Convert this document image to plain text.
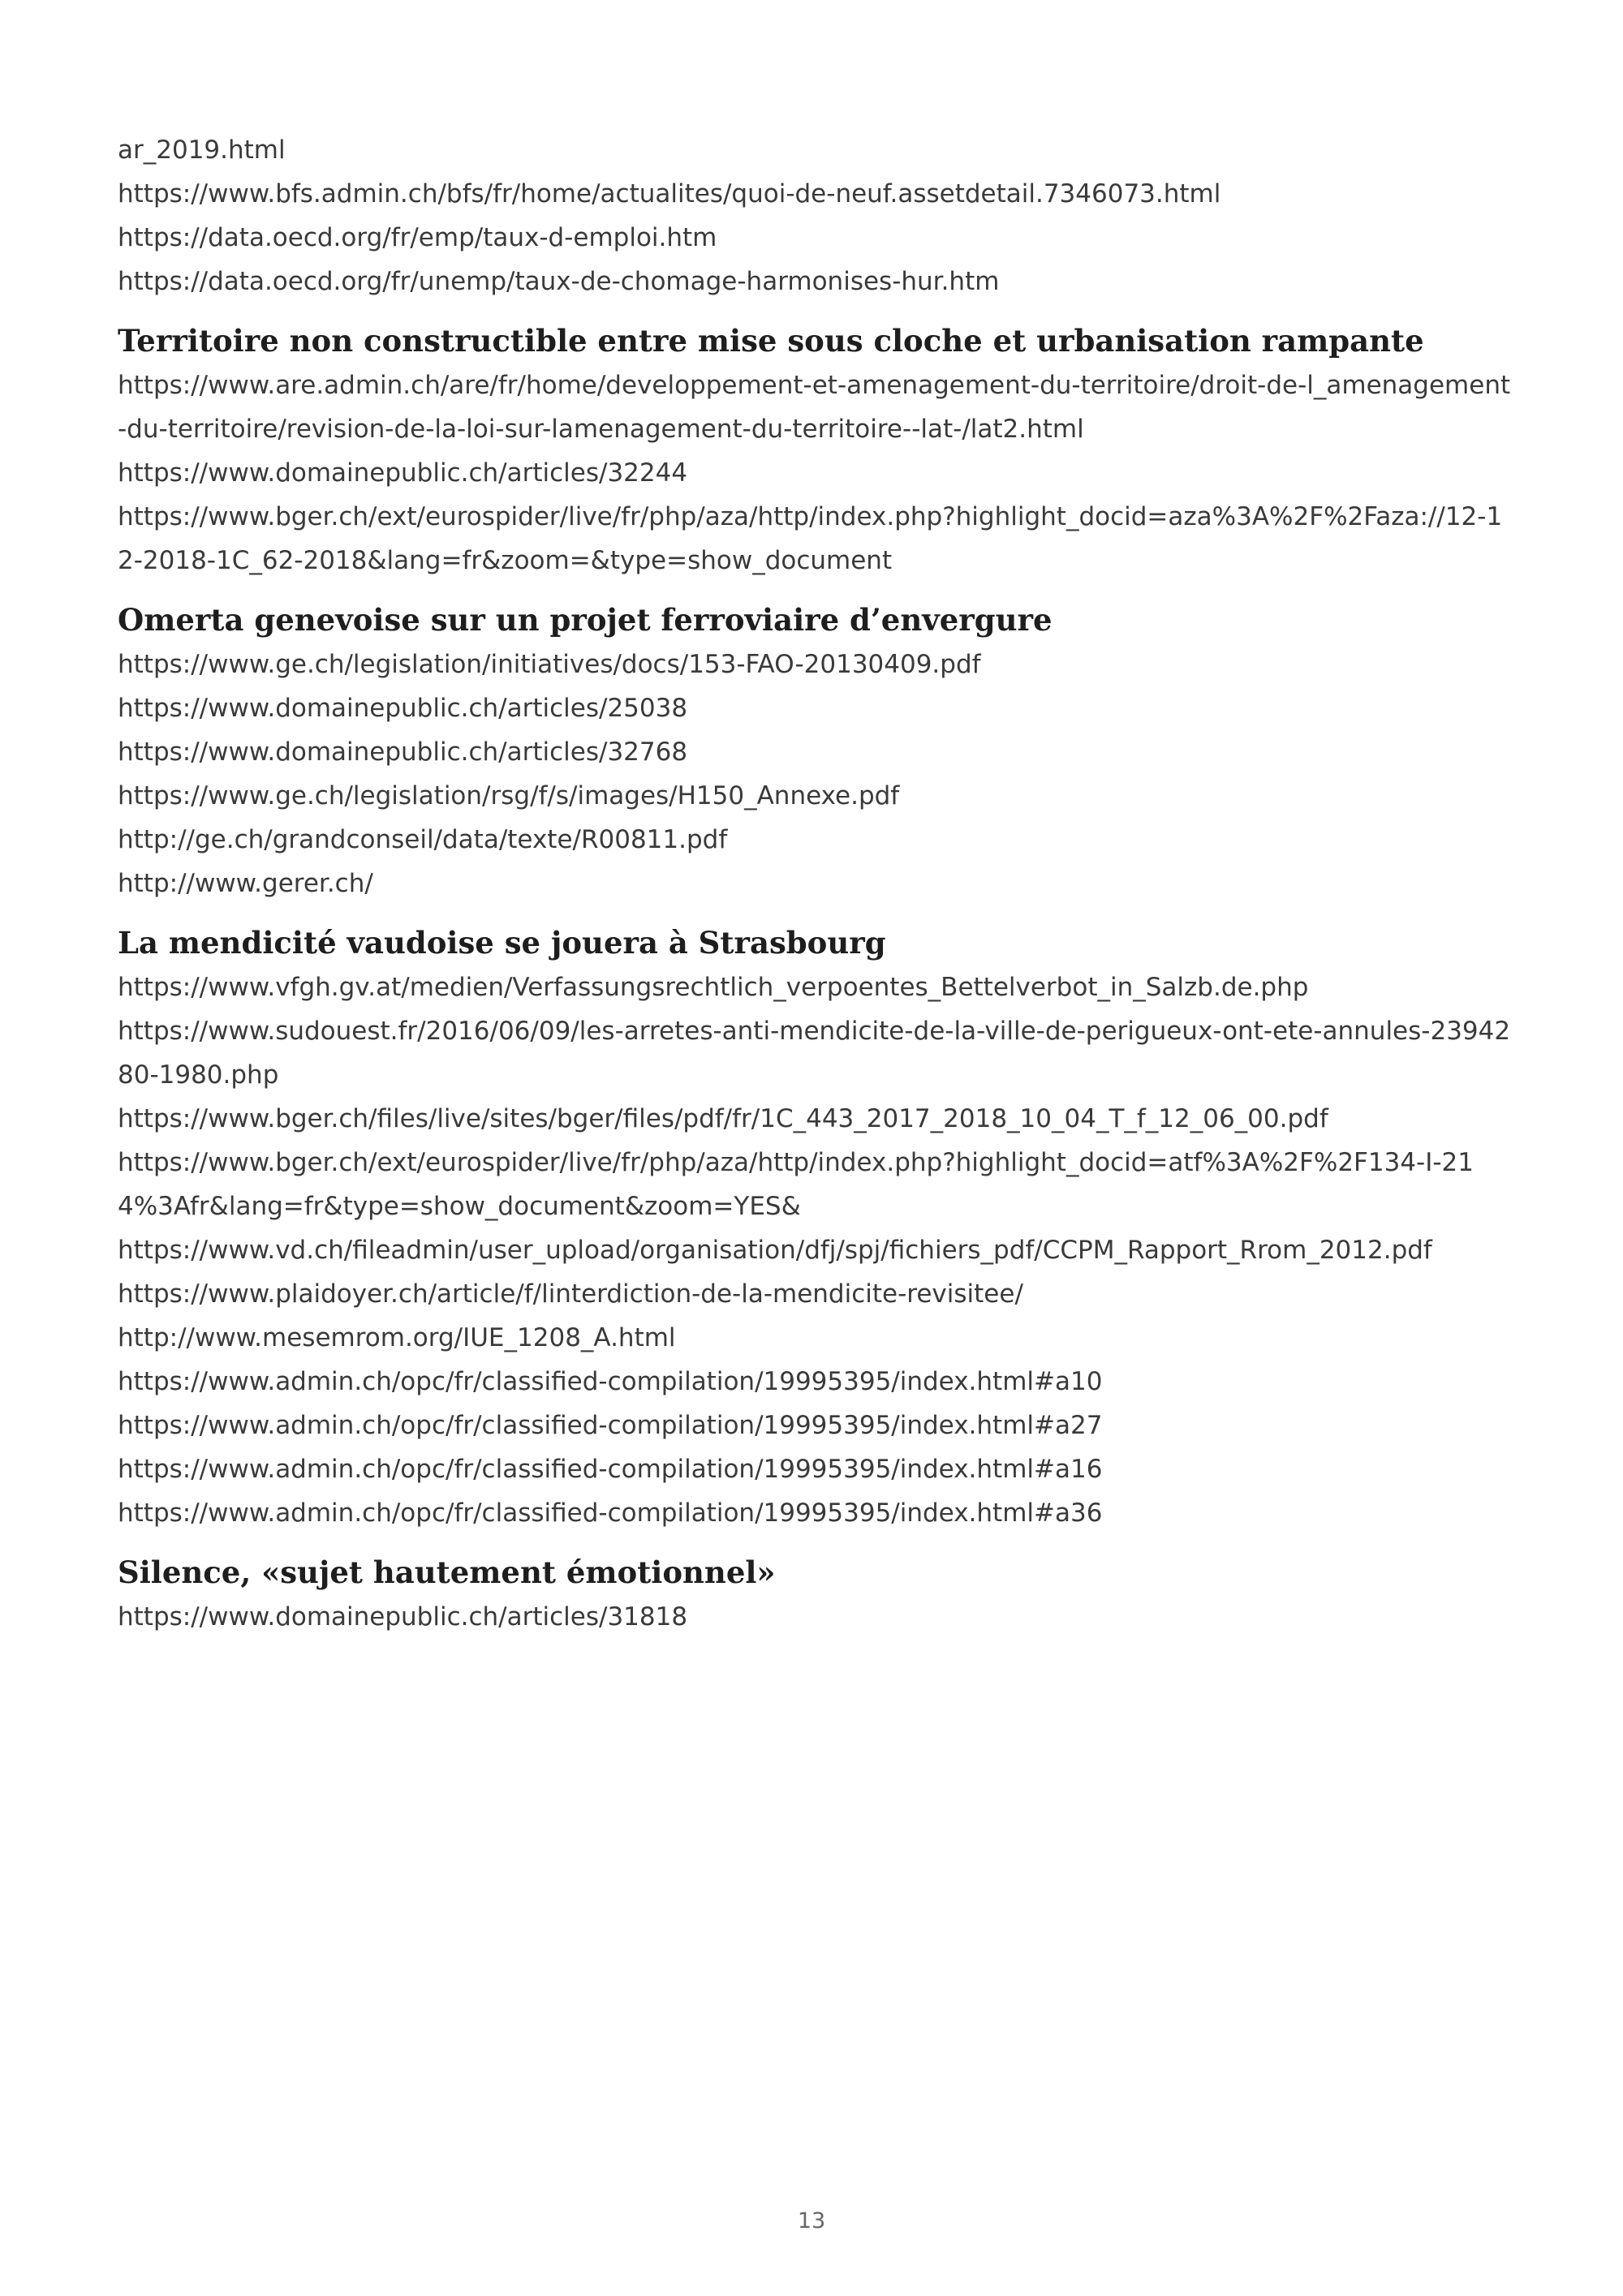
ar_2019.html
https://www.bfs.admin.ch/bfs/fr/home/actualites/quoi-de-neuf.assetdetail.7346073.html
https://data.oecd.org/fr/emp/taux-d-emploi.htm
https://data.oecd.org/fr/unemp/taux-de-chomage-harmonises-hur.htm
Territoire non constructible entre mise sous cloche et urbanisation rampante
https://www.are.admin.ch/are/fr/home/developpement-et-amenagement-du-territoire/droit-de-l_amenagement-du-territoire/revision-de-la-loi-sur-lamenagement-du-territoire--lat-/lat2.html
https://www.domainepublic.ch/articles/32244
https://www.bger.ch/ext/eurospider/live/fr/php/aza/http/index.php?highlight_docid=aza%3A%2F%2Faza://12-12-2018-1C_62-2018&lang=fr&zoom=&type=show_document
Omerta genevoise sur un projet ferroviaire d’envergure
https://www.ge.ch/legislation/initiatives/docs/153-FAO-20130409.pdf
https://www.domainepublic.ch/articles/25038
https://www.domainepublic.ch/articles/32768
https://www.ge.ch/legislation/rsg/f/s/images/H150_Annexe.pdf
http://ge.ch/grandconseil/data/texte/R00811.pdf
http://www.gerer.ch/
La mendicité vaudoise se jouera à Strasbourg
https://www.vfgh.gv.at/medien/Verfassungsrechtlich_verpoentes_Bettelverbot_in_Salzb.de.php
https://www.sudouest.fr/2016/06/09/les-arretes-anti-mendicite-de-la-ville-de-perigueux-ont-ete-annules-2394280-1980.php
https://www.bger.ch/files/live/sites/bger/files/pdf/fr/1C_443_2017_2018_10_04_T_f_12_06_00.pdf
https://www.bger.ch/ext/eurospider/live/fr/php/aza/http/index.php?highlight_docid=atf%3A%2F%2F134-I-214%3Afr&lang=fr&type=show_document&zoom=YES&
https://www.vd.ch/fileadmin/user_upload/organisation/dfj/spj/fichiers_pdf/CCPM_Rapport_Rrom_2012.pdf
https://www.plaidoyer.ch/article/f/linterdiction-de-la-mendicite-revisitee/
http://www.mesemrom.org/IUE_1208_A.html
https://www.admin.ch/opc/fr/classified-compilation/19995395/index.html#a10
https://www.admin.ch/opc/fr/classified-compilation/19995395/index.html#a27
https://www.admin.ch/opc/fr/classified-compilation/19995395/index.html#a16
https://www.admin.ch/opc/fr/classified-compilation/19995395/index.html#a36
Silence, «sujet hautement émotionnel»
https://www.domainepublic.ch/articles/31818
13
